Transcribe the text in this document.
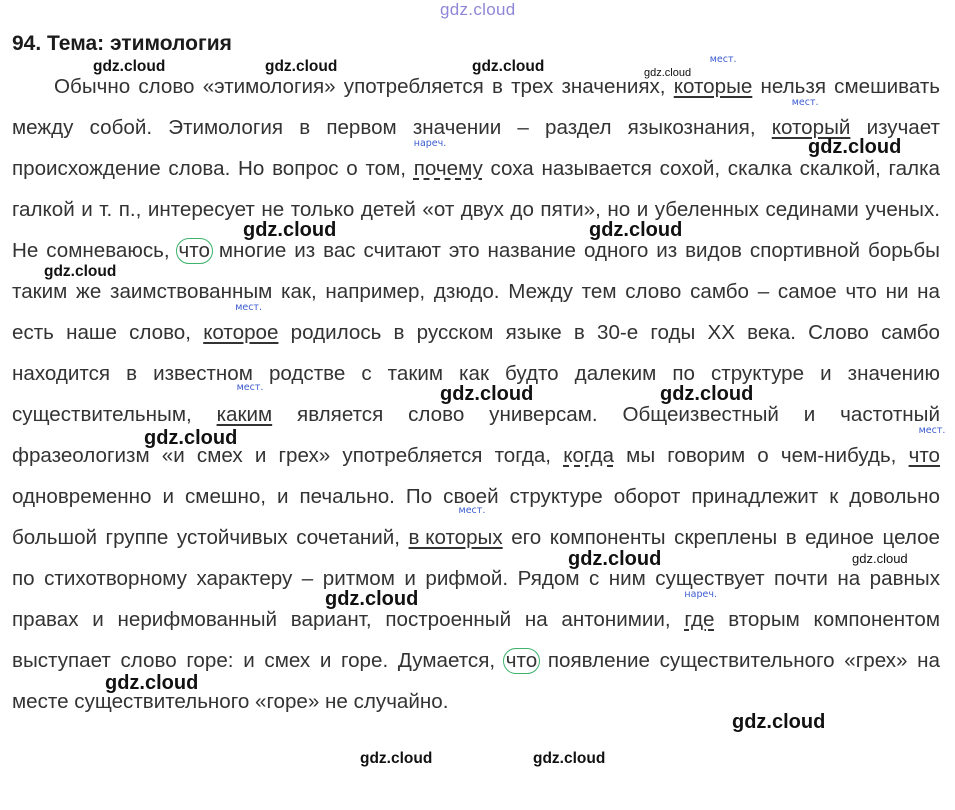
gdz.cloud
94. Тема: этимология
Обычно слово «этимология» употребляется в трех значениях,
мест.
которые нельзя смешивать между собой. Этимология в первом значении – раздел языкознания,
мест.
который изучает происхождение слова. Но вопрос о том,
нареч.
почему соха называется сохой, скалка скалкой, галка галкой и т. п., интересует не только детей «от двух до пяти», но и убеленных сединами ученых. Не сомневаюсь, что многие из вас считают это название одного из видов спортивной борьбы таким же заимствованным как, например, дзюдо. Между тем слово самбо – самое что ни на есть наше слово,
мест.
которое родилось в русском языке в 30-е годы XX века. Слово самбо находится в известном родстве с таким как будто далеким по структуре и значению существительным,
мест.
каким является слово универсам. Общеизвестный и частотный фразеологизм «и смех и грех» употребляется тогда, когда мы говорим о чем-нибудь,
мест.
что одновременно и смешно, и печально. По своей структуре оборот принадлежит к довольно большой группе устойчивых сочетаний,
мест.
в которых его компоненты скреплены в единое целое по стихотворному характеру – ритмом и рифмой. Рядом с ним существует почти на равных правах и нерифмованный вариант, построенный на антонимии,
нареч.
где вторым компонентом выступает слово горе: и смех и горе. Думается, что появление существительного «грех» на месте существительного «горе» не случайно.
gdz.cloud	gdz.cloud	gdz.cloud	gdz.cloud
gdz.cloud
gdz.cloud	gdz.cloud
gdz.cloud
gdz.cloud	gdz.cloud
gdz.cloud
gdz.cloud	gdz.cloud
gdz.cloud
gdz.cloud
gdz.cloud
gdz.cloud	gdz.cloud
